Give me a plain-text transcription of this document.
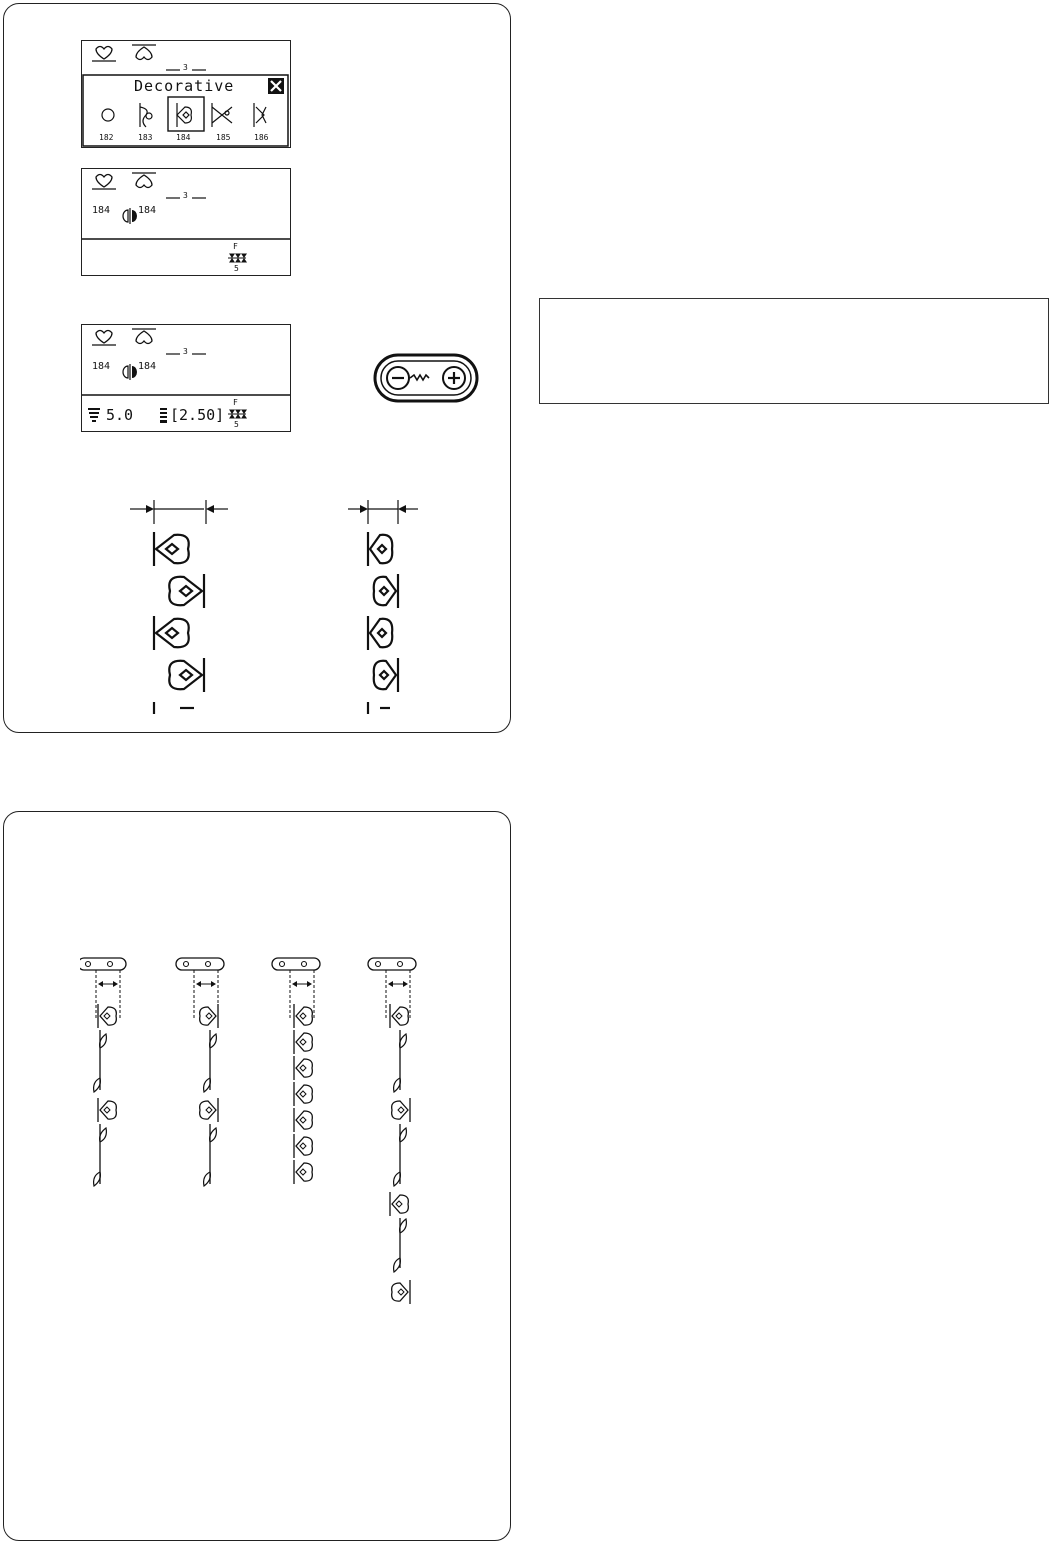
3
Decorative
182	183	184	185	186
3
184	184
F
5
3
184	184
5.0 [2.50]
F
5
